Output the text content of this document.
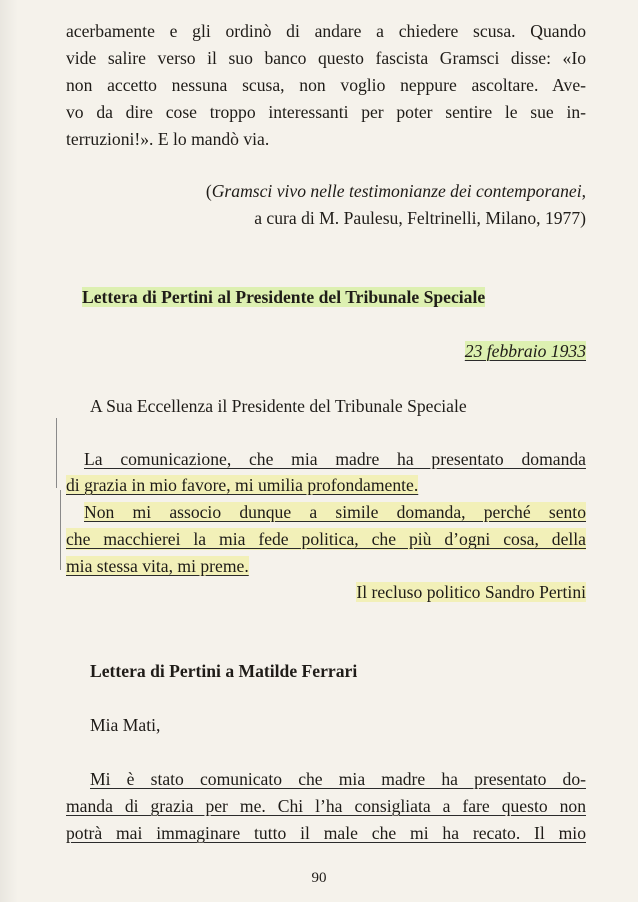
acerbamente e gli ordinò di andare a chiedere scusa. Quando
vide salire verso il suo banco questo fascista Gramsci disse: «Io
non accetto nessuna scusa, non voglio neppure ascoltare. Ave-
vo da dire cose troppo interessanti per poter sentire le sue in-
terruzioni!». E lo mandò via.
(Gramsci vivo nelle testimonianze dei contemporanei,
a cura di M. Paulesu, Feltrinelli, Milano, 1977)
Lettera di Pertini al Presidente del Tribunale Speciale
23 febbraio 1933
A Sua Eccellenza il Presidente del Tribunale Speciale
La comunicazione, che mia madre ha presentato domanda
di grazia in mio favore, mi umilia profondamente.
Non mi associo dunque a simile domanda, perché sento
che macchierei la mia fede politica, che più d’ogni cosa, della
mia stessa vita, mi preme.
Il recluso politico Sandro Pertini
Lettera di Pertini a Matilde Ferrari
Mia Mati,
Mi è stato comunicato che mia madre ha presentato do-
manda di grazia per me. Chi l’ha consigliata a fare questo non
potrà mai immaginare tutto il male che mi ha recato. Il mio
90
